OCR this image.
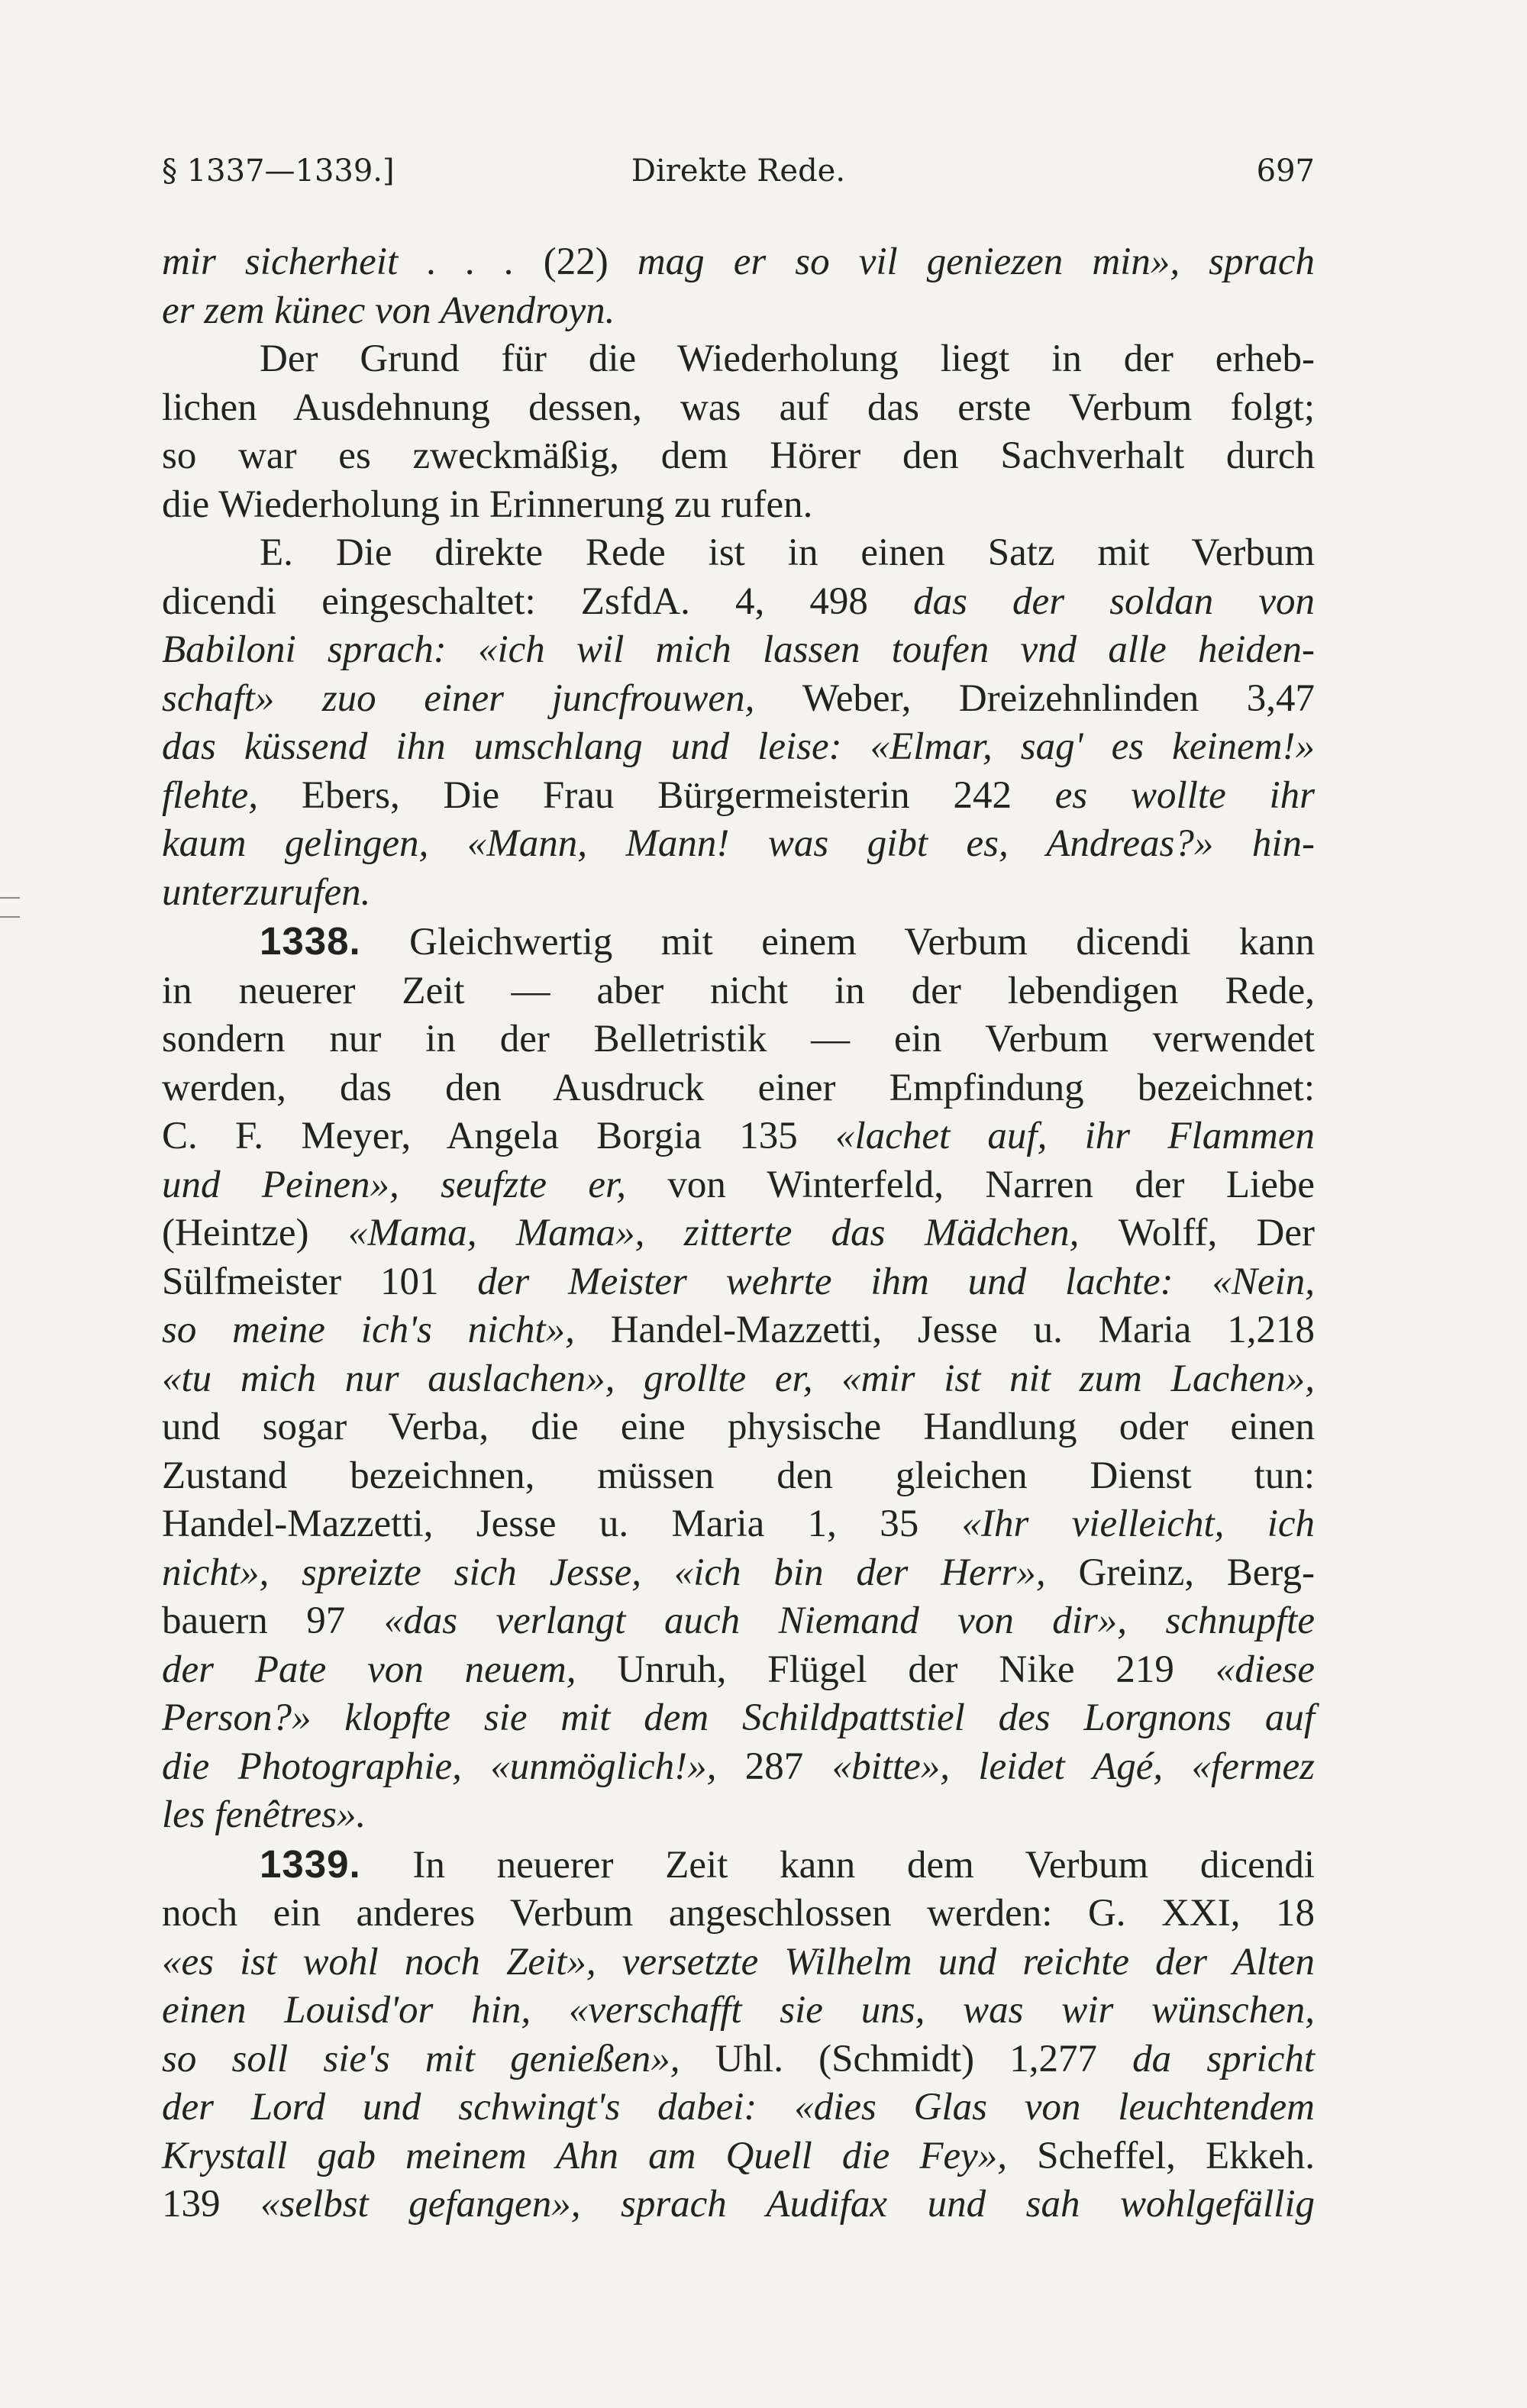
§ 1337—1339.]	Direkte Rede.	697
mir sicherheit . . . (22) mag er so vil geniezen min», sprach
er zem künec von Avendroyn.
Der Grund für die Wiederholung liegt in der erheb-
lichen Ausdehnung dessen, was auf das erste Verbum folgt;
so war es zweckmäßig, dem Hörer den Sachverhalt durch
die Wiederholung in Erinnerung zu rufen.
E. Die direkte Rede ist in einen Satz mit Verbum
dicendi eingeschaltet: ZsfdA. 4, 498 das der soldan von
Babiloni sprach: «ich wil mich lassen toufen vnd alle heiden-
schaft» zuo einer juncfrouwen, Weber, Dreizehnlinden 3,47
das küssend ihn umschlang und leise: «Elmar, sag' es keinem!»
flehte, Ebers, Die Frau Bürgermeisterin 242 es wollte ihr
kaum gelingen, «Mann, Mann! was gibt es, Andreas?» hin-
unterzurufen.
1338. Gleichwertig mit einem Verbum dicendi kann
in neuerer Zeit — aber nicht in der lebendigen Rede,
sondern nur in der Belletristik — ein Verbum verwendet
werden, das den Ausdruck einer Empfindung bezeichnet:
C. F. Meyer, Angela Borgia 135 «lachet auf, ihr Flammen
und Peinen», seufzte er, von Winterfeld, Narren der Liebe
(Heintze) «Mama, Mama», zitterte das Mädchen, Wolff, Der
Sülfmeister 101 der Meister wehrte ihm und lachte: «Nein,
so meine ich's nicht», Handel-Mazzetti, Jesse u. Maria 1,218
«tu mich nur auslachen», grollte er, «mir ist nit zum Lachen»,
und sogar Verba, die eine physische Handlung oder einen
Zustand bezeichnen, müssen den gleichen Dienst tun:
Handel-Mazzetti, Jesse u. Maria 1, 35 «Ihr vielleicht, ich
nicht», spreizte sich Jesse, «ich bin der Herr», Greinz, Berg-
bauern 97 «das verlangt auch Niemand von dir», schnupfte
der Pate von neuem, Unruh, Flügel der Nike 219 «diese
Person?» klopfte sie mit dem Schildpattstiel des Lorgnons auf
die Photographie, «unmöglich!», 287 «bitte», leidet Agé, «fermez
les fenêtres».
1339. In neuerer Zeit kann dem Verbum dicendi
noch ein anderes Verbum angeschlossen werden: G. XXI, 18
«es ist wohl noch Zeit», versetzte Wilhelm und reichte der Alten
einen Louisd'or hin, «verschafft sie uns, was wir wünschen,
so soll sie's mit genießen», Uhl. (Schmidt) 1,277 da spricht
der Lord und schwingt's dabei: «dies Glas von leuchtendem
Krystall gab meinem Ahn am Quell die Fey», Scheffel, Ekkeh.
139 «selbst gefangen», sprach Audifax und sah wohlgefällig
